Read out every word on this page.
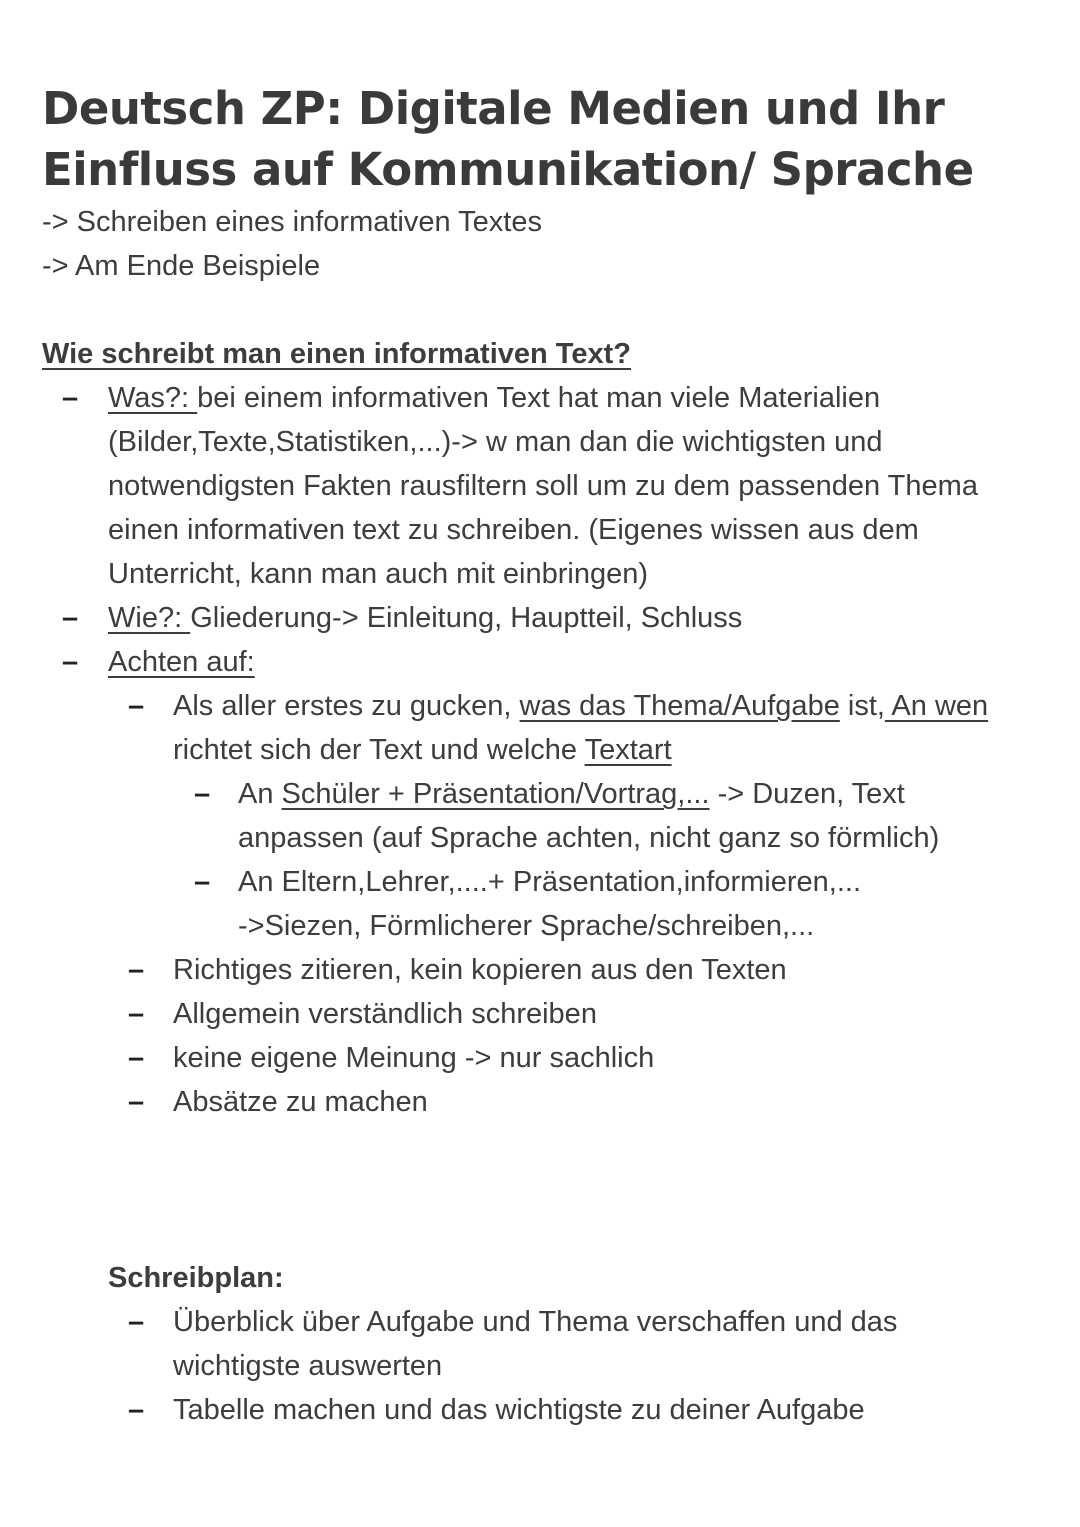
Deutsch ZP: Digitale Medien und Ihr Einfluss auf Kommunikation/ Sprache
-> Schreiben eines informativen Textes
-> Am Ende Beispiele
Wie schreibt man einen informativen Text?
– Was?: bei einem informativen Text hat man viele Materialien
(Bilder,Texte,Statistiken,...)-> w man dan die wichtigsten und
notwendigsten Fakten rausfiltern soll um zu dem passenden Thema
einen informativen text zu schreiben. (Eigenes wissen aus dem
Unterricht, kann man auch mit einbringen)
– Wie?: Gliederung-> Einleitung, Hauptteil, Schluss
– Achten auf:
– Als aller erstes zu gucken, was das Thema/Aufgabe ist, An wen
richtet sich der Text und welche Textart
– An Schüler + Präsentation/Vortrag,... -> Duzen, Text
anpassen (auf Sprache achten, nicht ganz so förmlich)
– An Eltern,Lehrer,....+ Präsentation,informieren,...
->Siezen, Förmlicherer Sprache/schreiben,...
– Richtiges zitieren, kein kopieren aus den Texten
– Allgemein verständlich schreiben
– keine eigene Meinung -> nur sachlich
– Absätze zu machen
Schreibplan:
– Überblick über Aufgabe und Thema verschaffen und das
wichtigste auswerten
– Tabelle machen und das wichtigste zu deiner Aufgabe
